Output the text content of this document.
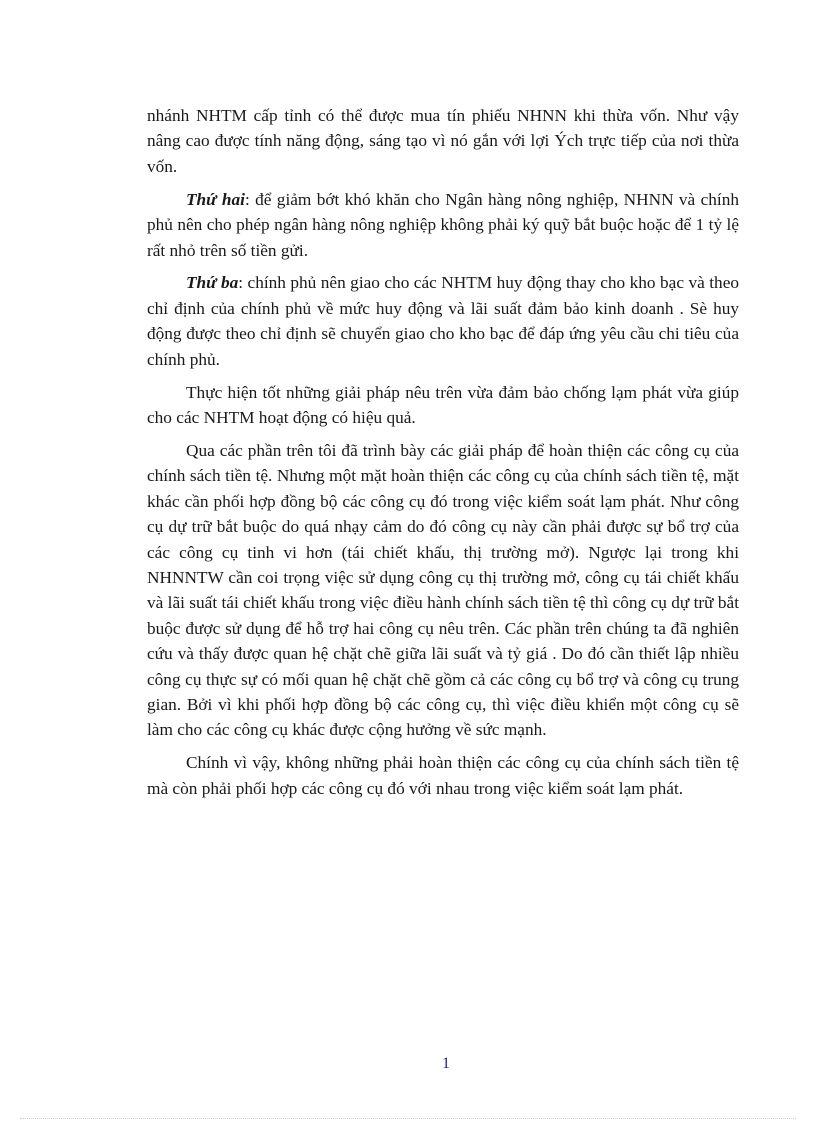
nhánh NHTM cấp tỉnh có thể được mua tín phiếu NHNN khi thừa vốn. Như vậy nâng cao được tính năng động, sáng tạo vì nó gắn với lợi Ých trực tiếp của nơi thừa vốn.

Thứ hai: để giảm bớt khó khăn cho Ngân hàng nông nghiệp, NHNN và chính phủ nên cho phép ngân hàng nông nghiệp không phải ký quỹ bắt buộc hoặc để 1 tỷ lệ rất nhỏ trên số tiền gửi.

Thứ ba: chính phủ nên giao cho các NHTM huy động thay cho kho bạc và theo chỉ định của chính phủ về mức huy động và lãi suất đảm bảo kinh doanh . Sè huy động được theo chỉ định sẽ chuyển giao cho kho bạc để đáp ứng yêu cầu chi tiêu của chính phủ.

Thực hiện tốt những giải pháp nêu trên vừa đảm bảo chống lạm phát vừa giúp cho các NHTM hoạt động có hiệu quả.

Qua các phần trên tôi đã trình bày các giải pháp để hoàn thiện các công cụ của chính sách tiền tệ. Nhưng một mặt hoàn thiện các công cụ của chính sách tiền tệ, mặt khác cần phối hợp đồng bộ các công cụ đó trong việc kiểm soát lạm phát. Như công cụ dự trữ bắt buộc do quá nhạy cảm do đó công cụ này cần phải được sự bổ trợ của các công cụ tinh vi hơn (tái chiết khấu, thị trường mở). Ngược lại trong khi NHNNTW cần coi trọng việc sử dụng công cụ thị trường mở, công cụ tái chiết khấu và lãi suất tái chiết khấu trong việc điều hành chính sách tiền tệ thì công cụ dự trữ bắt buộc được sử dụng để hỗ trợ hai công cụ nêu trên. Các phần trên chúng ta đã nghiên cứu và thấy được quan hệ chặt chẽ giữa lãi suất và tỷ giá . Do đó cần thiết lập nhiều công cụ thực sự có mối quan hệ chặt chẽ gồm cả các công cụ bổ trợ và công cụ trung gian. Bởi vì khi phối hợp đồng bộ các công cụ, thì việc điều khiển một công cụ sẽ làm cho các công cụ khác được cộng hưởng về sức mạnh.

Chính vì vậy, không những phải hoàn thiện các công cụ của chính sách tiền tệ mà còn phải phối hợp các công cụ đó với nhau trong việc kiểm soát lạm phát.

1
